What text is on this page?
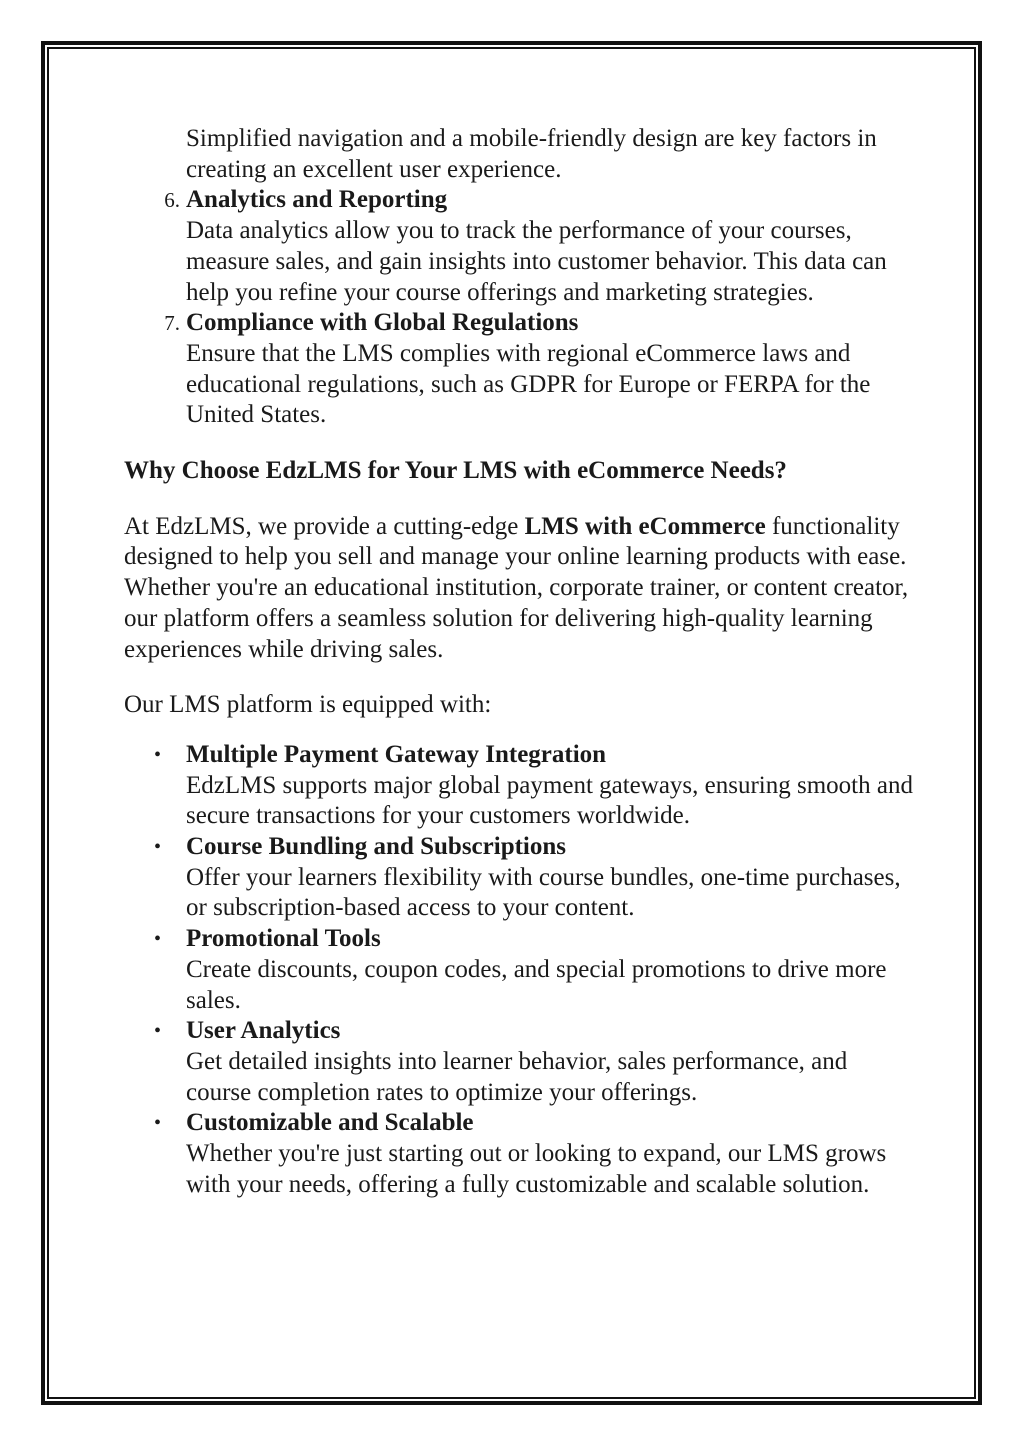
Simplified navigation and a mobile-friendly design are key factors in creating an excellent user experience.
6. Analytics and Reporting
Data analytics allow you to track the performance of your courses, measure sales, and gain insights into customer behavior. This data can help you refine your course offerings and marketing strategies.
7. Compliance with Global Regulations
Ensure that the LMS complies with regional eCommerce laws and educational regulations, such as GDPR for Europe or FERPA for the United States.
Why Choose EdzLMS for Your LMS with eCommerce Needs?

At EdzLMS, we provide a cutting-edge LMS with eCommerce functionality designed to help you sell and manage your online learning products with ease. Whether you're an educational institution, corporate trainer, or content creator, our platform offers a seamless solution for delivering high-quality learning experiences while driving sales.

Our LMS platform is equipped with:

• Multiple Payment Gateway Integration
EdzLMS supports major global payment gateways, ensuring smooth and secure transactions for your customers worldwide.
• Course Bundling and Subscriptions
Offer your learners flexibility with course bundles, one-time purchases, or subscription-based access to your content.
• Promotional Tools
Create discounts, coupon codes, and special promotions to drive more sales.
• User Analytics
Get detailed insights into learner behavior, sales performance, and course completion rates to optimize your offerings.
• Customizable and Scalable
Whether you're just starting out or looking to expand, our LMS grows with your needs, offering a fully customizable and scalable solution.
